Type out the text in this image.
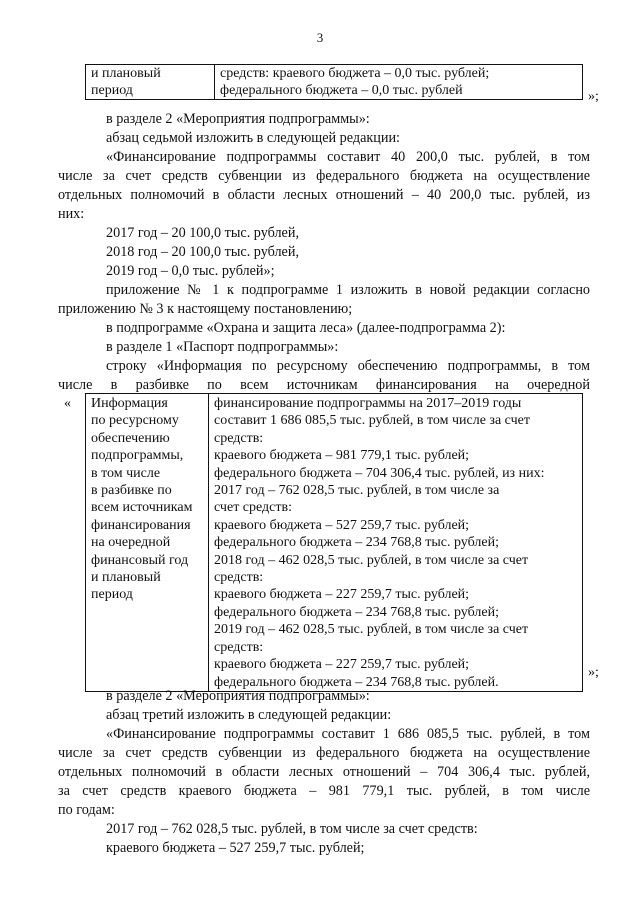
3
и плановый
период

средств: краевого бюджета – 0,0 тыс. рублей;
федерального бюджета – 0,0 тыс. рублей	»;
в разделе 2 «Мероприятия подпрограммы»:
абзац седьмой изложить в следующей редакции:
«Финансирование подпрограммы составит 40 200,0 тыс. рублей, в том
числе за счет средств субвенции из федерального бюджета на осуществление
отдельных полномочий в области лесных отношений – 40 200,0 тыс. рублей, из
них:
2017 год – 20 100,0 тыс. рублей,
2018 год – 20 100,0 тыс. рублей,
2019 год – 0,0 тыс. рублей»;
приложение № 1 к подпрограмме 1 изложить в новой редакции согласно
приложению № 3 к настоящему постановлению;
в подпрограмме «Охрана и защита леса» (далее-подпрограмма 2):
в разделе 1 «Паспорт подпрограммы»:
строку «Информация по ресурсному обеспечению подпрограммы, в том
числе в разбивке по всем источникам финансирования на очередной
« Информация
по ресурсному
обеспечению
подпрограммы,
в том числе
в разбивке по
всем источникам
финансирования
на очередной
финансовый год
и плановый
период

финансирование подпрограммы на 2017–2019 годы
составит 1 686 085,5 тыс. рублей, в том числе за счет
средств:
краевого бюджета – 981 779,1 тыс. рублей;
федерального бюджета – 704 306,4 тыс. рублей, из них:
2017 год – 762 028,5 тыс. рублей, в том числе за
счет средств:
краевого бюджета – 527 259,7 тыс. рублей;
федерального бюджета – 234 768,8 тыс. рублей;
2018 год – 462 028,5 тыс. рублей, в том числе за счет
средств:
краевого бюджета – 227 259,7 тыс. рублей;
федерального бюджета – 234 768,8 тыс. рублей;
2019 год – 462 028,5 тыс. рублей, в том числе за счет
средств:
краевого бюджета – 227 259,7 тыс. рублей;
федерального бюджета – 234 768,8 тыс. рублей.
»;
в разделе 2 «Мероприятия подпрограммы»:
абзац третий изложить в следующей редакции:
«Финансирование подпрограммы составит 1 686 085,5 тыс. рублей, в том
числе за счет средств субвенции из федерального бюджета на осуществление
отдельных полномочий в области лесных отношений – 704 306,4 тыс. рублей,
за счет средств краевого бюджета – 981 779,1 тыс. рублей, в том числе
по годам:
2017 год – 762 028,5 тыс. рублей, в том числе за счет средств:
краевого бюджета – 527 259,7 тыс. рублей;
